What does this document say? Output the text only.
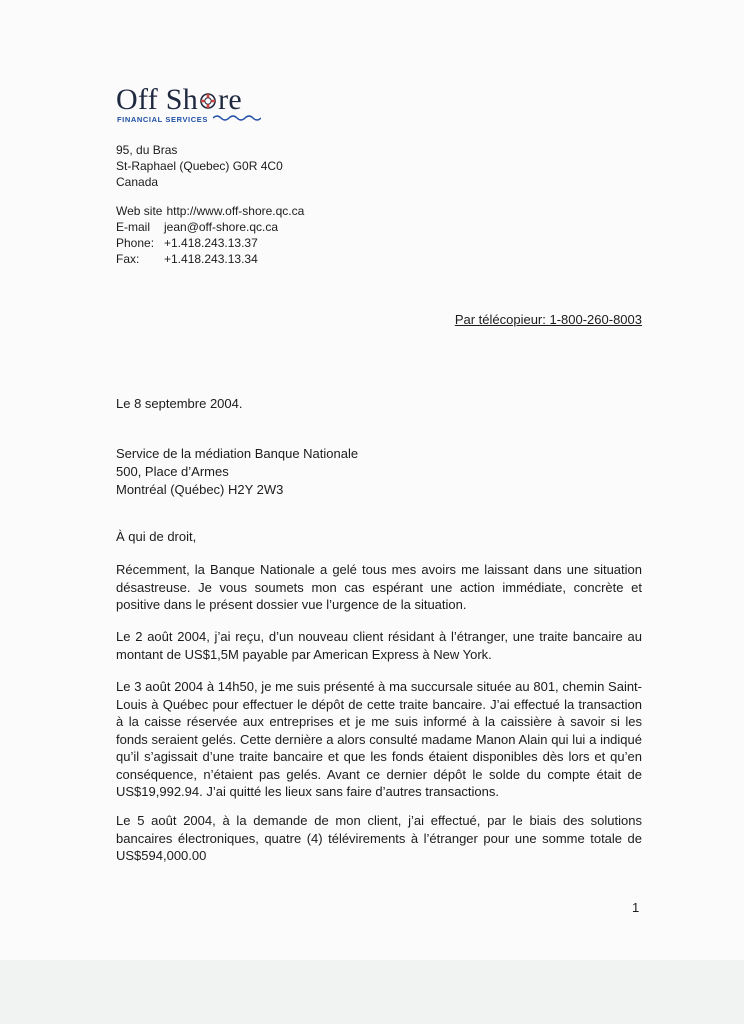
Off Sh re
FINANCIAL SERVICES
95, du Bras
St-Raphael (Quebec) G0R 4C0
Canada
Web site http://www.off-shore.qc.ca
E-mail	jean@off-shore.qc.ca
Phone: +1.418.243.13.37
Fax:	+1.418.243.13.34
Par télécopieur: 1-800-260-8003
Le 8 septembre 2004.
Service de la médiation Banque Nationale
500, Place d’Armes
Montréal (Québec) H2Y 2W3
À qui de droit,
Récemment, la Banque Nationale a gelé tous mes avoirs me laissant dans une situation désastreuse. Je vous soumets mon cas espérant une action immédiate, concrète et positive dans le présent dossier vue l’urgence de la situation.
Le 2 août 2004, j’ai reçu, d’un nouveau client résidant à l’étranger, une traite bancaire au montant de US$1,5M payable par American Express à New York.
Le 3 août 2004 à 14h50, je me suis présenté à ma succursale située au 801, chemin Saint-Louis à Québec pour effectuer le dépôt de cette traite bancaire. J’ai effectué la transaction à la caisse réservée aux entreprises et je me suis informé à la caissière à savoir si les fonds seraient gelés. Cette dernière a alors consulté madame Manon Alain qui lui a indiqué qu’il s’agissait d’une traite bancaire et que les fonds étaient disponibles dès lors et qu’en conséquence, n’étaient pas gelés. Avant ce dernier dépôt le solde du compte était de US$19,992.94. J’ai quitté les lieux sans faire d’autres transactions.
Le 5 août 2004, à la demande de mon client, j’ai effectué, par le biais des solutions bancaires électroniques, quatre (4) télévirements à l’étranger pour une somme totale de US$594,000.00
1
